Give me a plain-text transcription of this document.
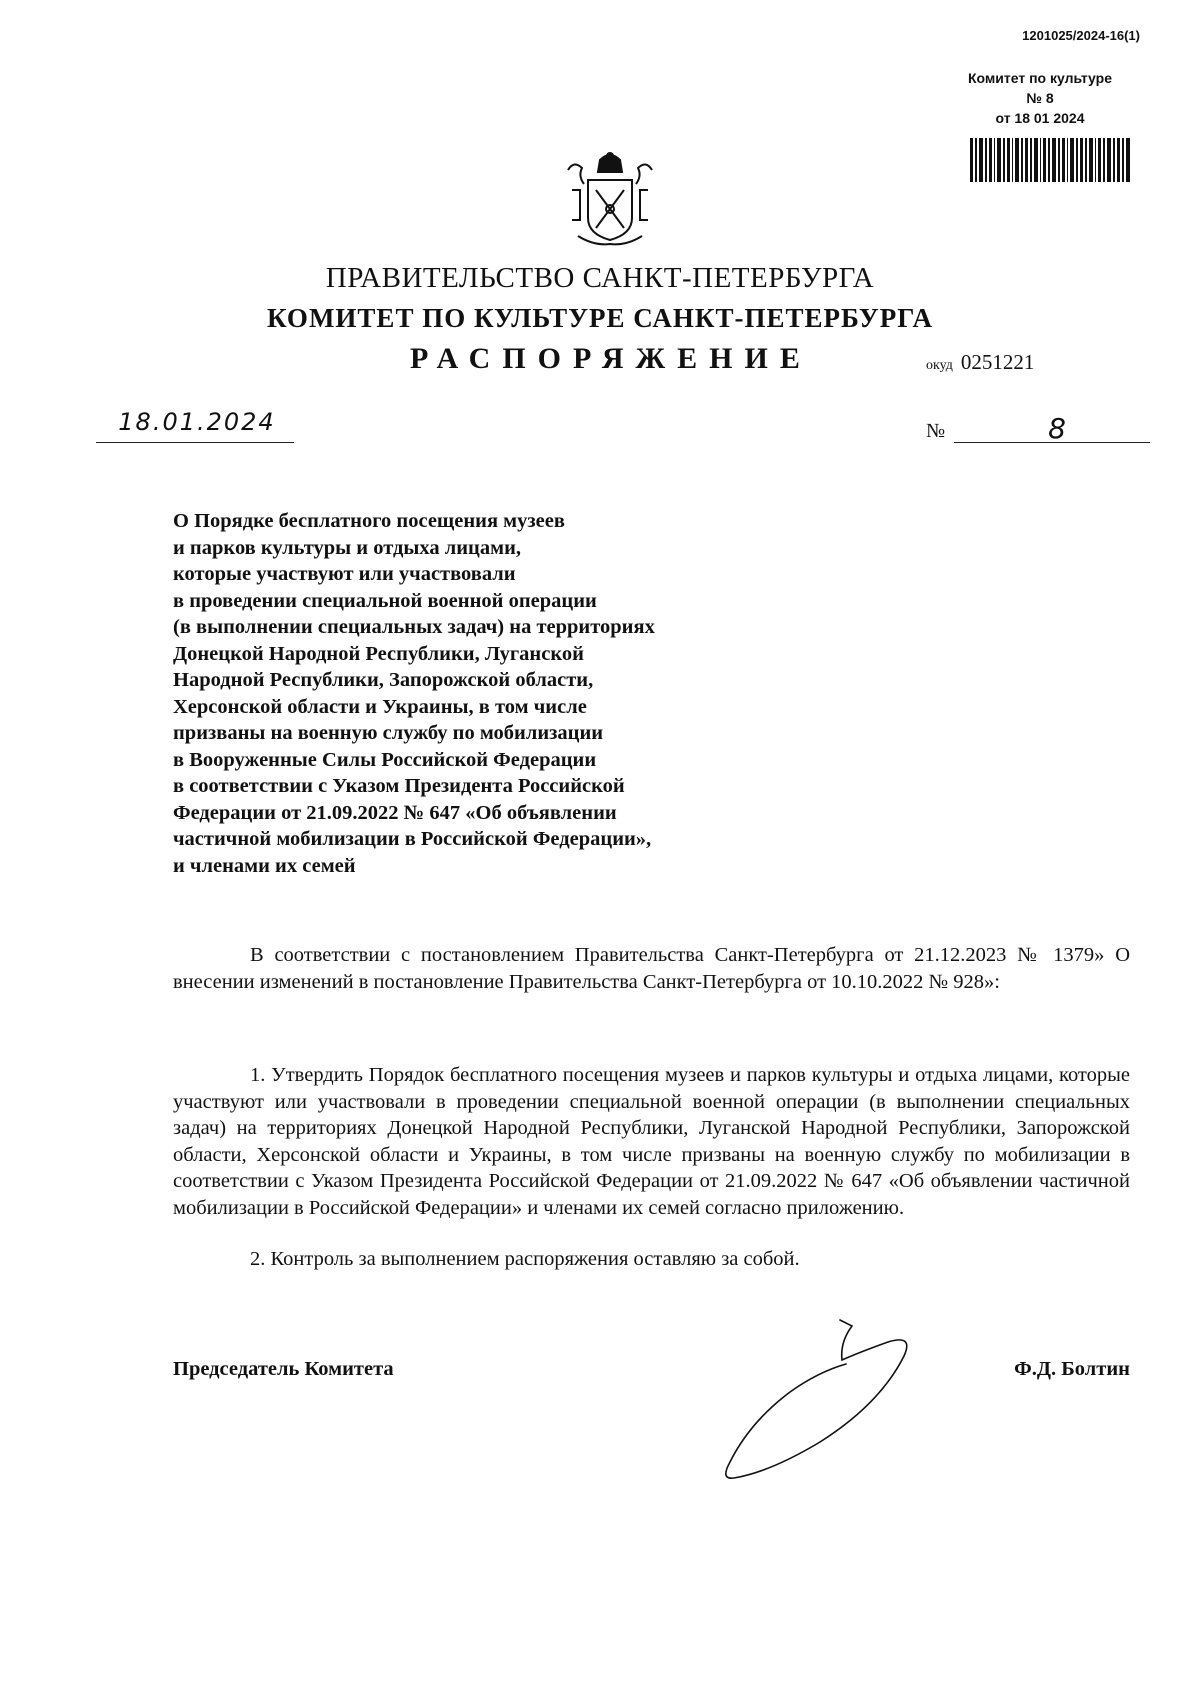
1201025/2024-16(1)
Комитет по культуре
№ 8
от 18 01 2024
ПРАВИТЕЛЬСТВО САНКТ-ПЕТЕРБУРГА
КОМИТЕТ ПО КУЛЬТУРЕ САНКТ-ПЕТЕРБУРГА
РАСПОРЯЖЕНИЕ	окуд 0251221
18.01.2024	№	8
О Порядке бесплатного посещения музеев
и парков культуры и отдыха лицами,
которые участвуют или участвовали
в проведении специальной военной операции
(в выполнении специальных задач) на территориях
Донецкой Народной Республики, Луганской
Народной Республики, Запорожской области,
Херсонской области и Украины, в том числе
призваны на военную службу по мобилизации
в Вооруженные Силы Российской Федерации
в соответствии с Указом Президента Российской
Федерации от 21.09.2022 № 647 «Об объявлении
частичной мобилизации в Российской Федерации»,
и членами их семей
В соответствии с постановлением Правительства Санкт-Петербурга от 21.12.2023 № 1379» О внесении изменений в постановление Правительства Санкт-Петербурга от 10.10.2022 № 928»:
1. Утвердить Порядок бесплатного посещения музеев и парков культуры и отдыха лицами, которые участвуют или участвовали в проведении специальной военной операции (в выполнении специальных задач) на территориях Донецкой Народной Республики, Луганской Народной Республики, Запорожской области, Херсонской области и Украины, в том числе призваны на военную службу по мобилизации в соответствии с Указом Президента Российской Федерации от 21.09.2022 № 647 «Об объявлении частичной мобилизации в Российской Федерации» и членами их семей согласно приложению.
2. Контроль за выполнением распоряжения оставляю за собой.
Председатель Комитета	Ф.Д. Болтин
